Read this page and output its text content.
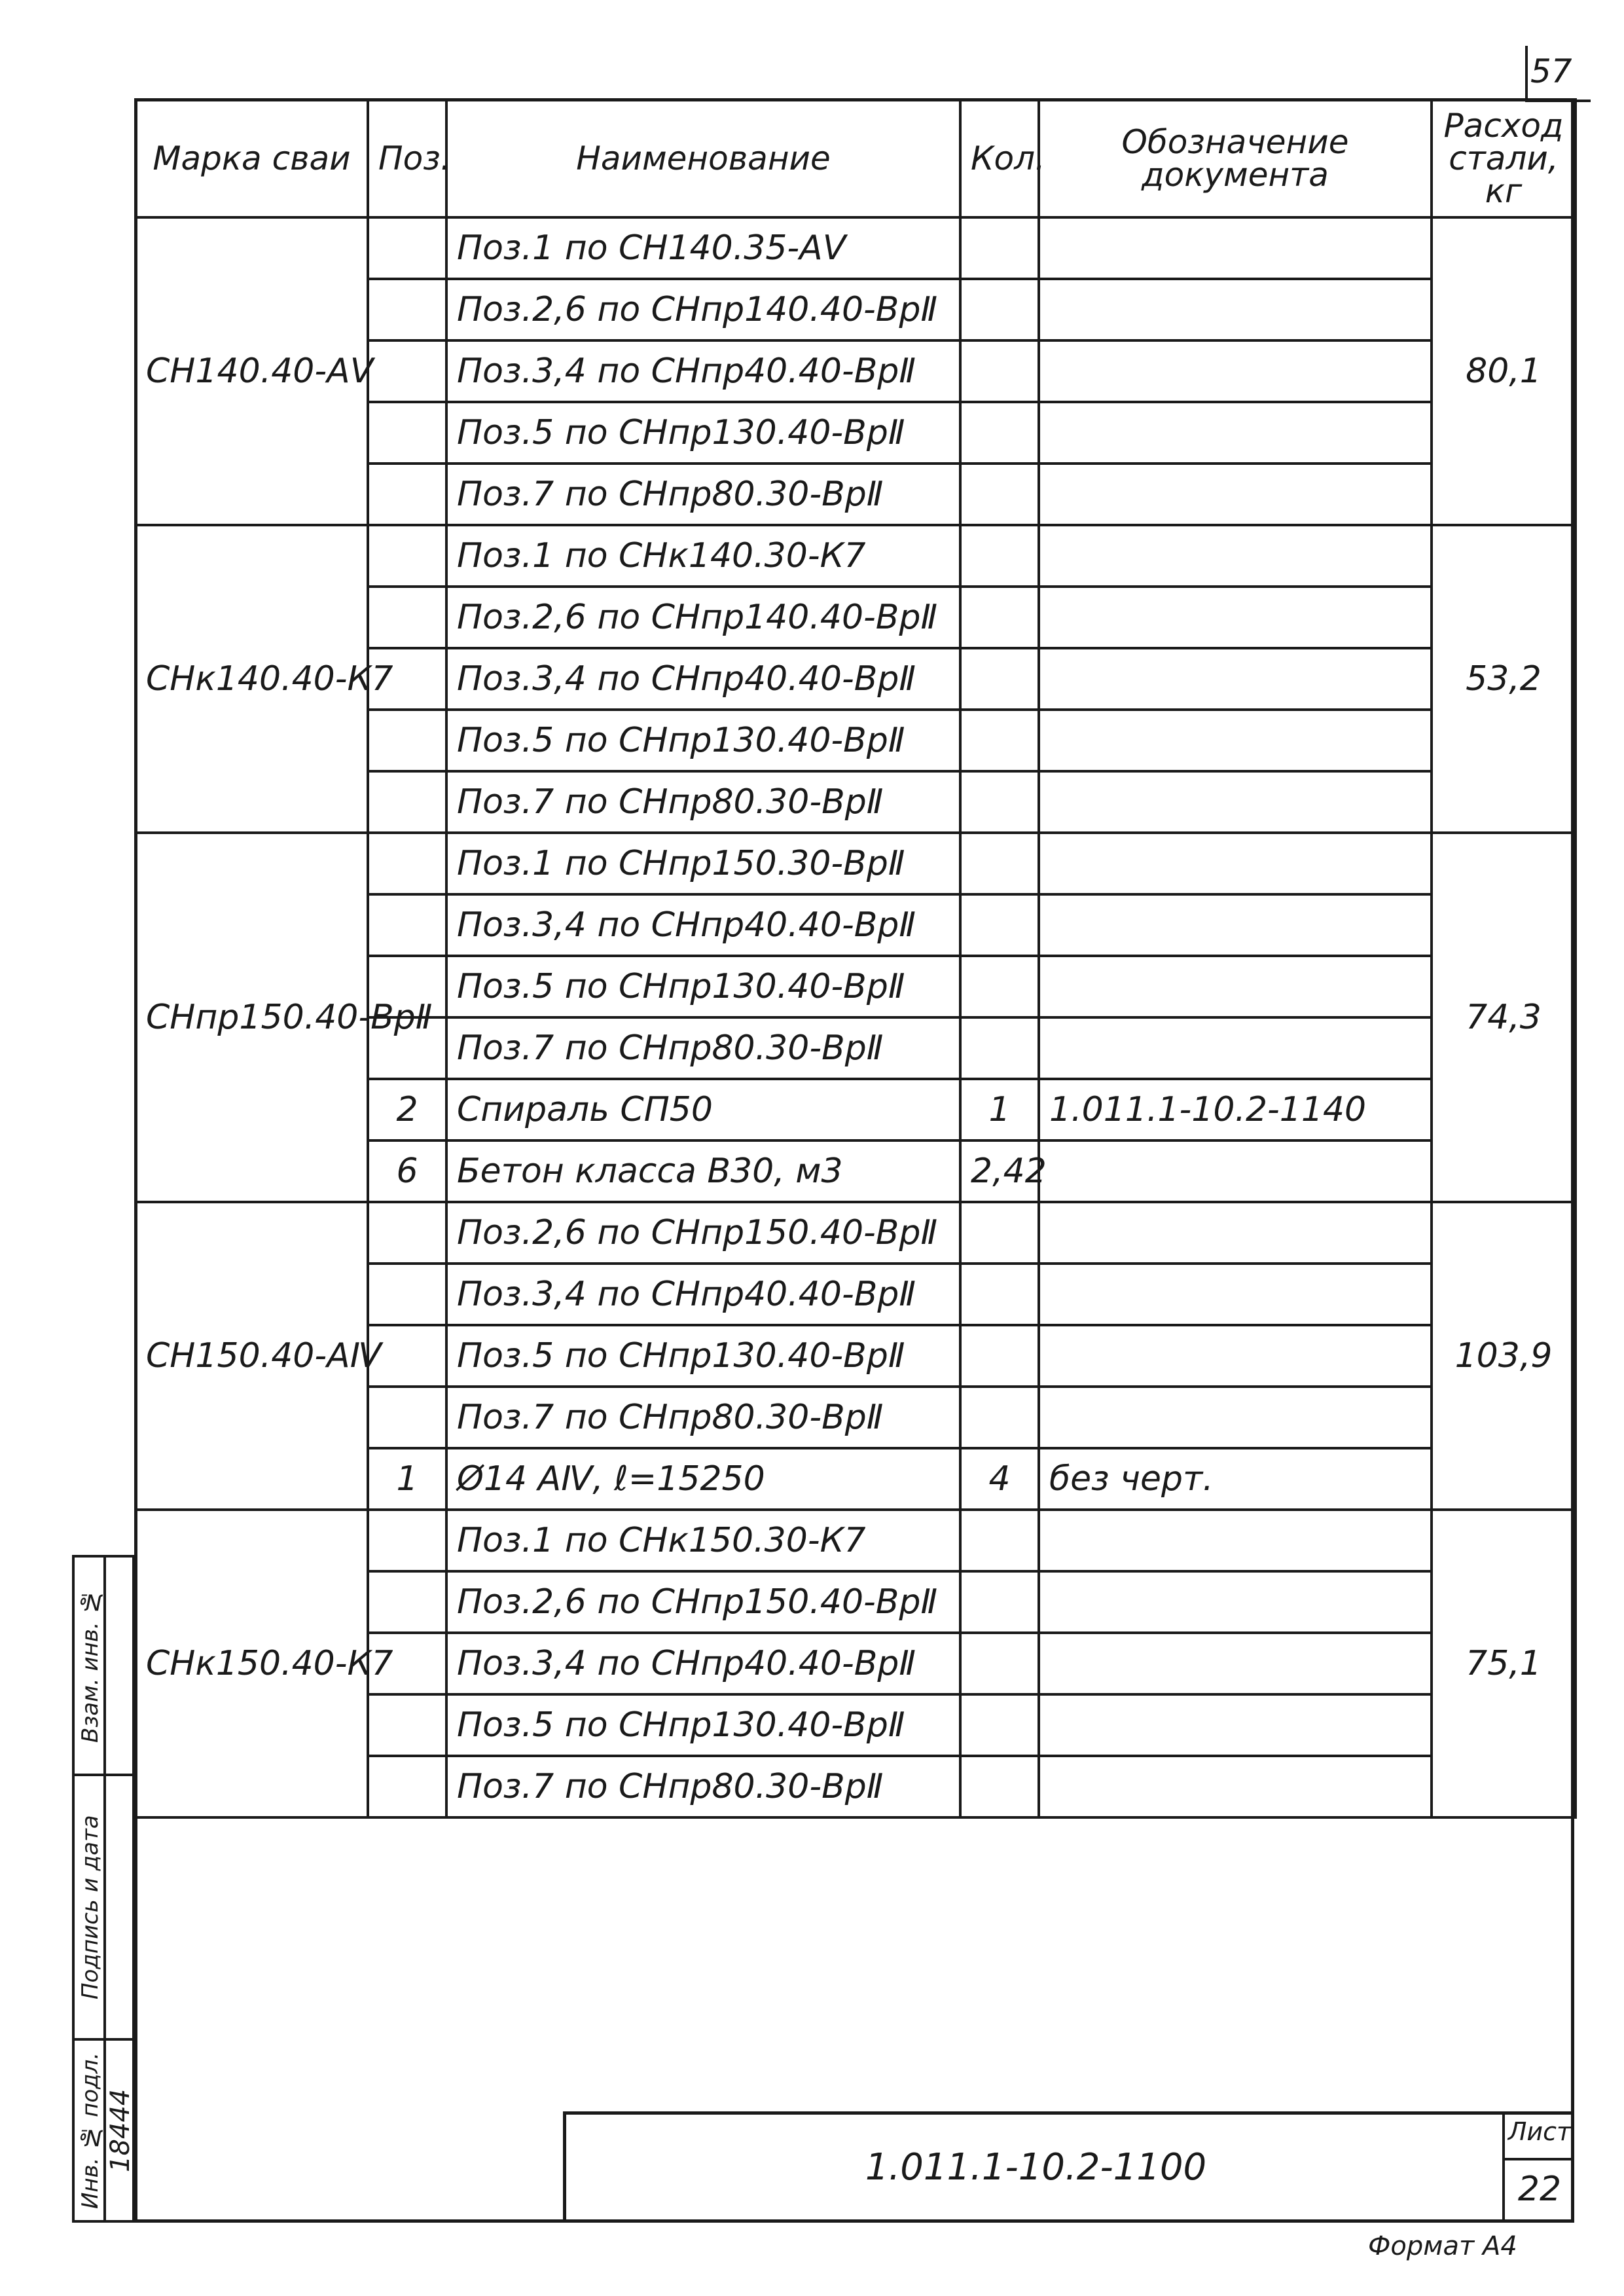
57
Марка сваи	Поз.	Наименование	Кол.	Обозначение документа	Расход стали, кг
СН140.40-АⅤ		Поз.1 по СН140.35-АⅤ			80,1
		Поз.2,6 по СНпр140.40-ВрⅡ			
		Поз.3,4 по СНпр40.40-ВрⅡ			
		Поз.5 по СНпр130.40-ВрⅡ			
		Поз.7 по СНпр80.30-ВрⅡ			
СНк140.40-К7		Поз.1 по СНк140.30-К7			53,2
		Поз.2,6 по СНпр140.40-ВрⅡ			
		Поз.3,4 по СНпр40.40-ВрⅡ			
		Поз.5 по СНпр130.40-ВрⅡ			
		Поз.7 по СНпр80.30-ВрⅡ			
СНпр150.40-ВрⅡ		Поз.1 по СНпр150.30-ВрⅡ			74,3
		Поз.3,4 по СНпр40.40-ВрⅡ			
		Поз.5 по СНпр130.40-ВрⅡ			
		Поз.7 по СНпр80.30-ВрⅡ			
	2	Спираль СП50	1	1.011.1-10.2-1140	
	6	Бетон класса В30, м3	2,42		
СН150.40-АⅣ		Поз.2,6 по СНпр150.40-ВрⅡ			103,9
		Поз.3,4 по СНпр40.40-ВрⅡ			
		Поз.5 по СНпр130.40-ВрⅡ			
		Поз.7 по СНпр80.30-ВрⅡ			
	1	Ø14 АⅣ, ℓ=15250	4	без черт.	
СНк150.40-К7		Поз.1 по СНк150.30-К7			75,1
		Поз.2,6 по СНпр150.40-ВрⅡ			
		Поз.3,4 по СНпр40.40-ВрⅡ			
		Поз.5 по СНпр130.40-ВрⅡ			
		Поз.7 по СНпр80.30-ВрⅡ			
Взам. инв. №
Подпись и дата
Инв. № подл. 18444	1.011.1-10.2-1100
Лист
22
Формат А4
